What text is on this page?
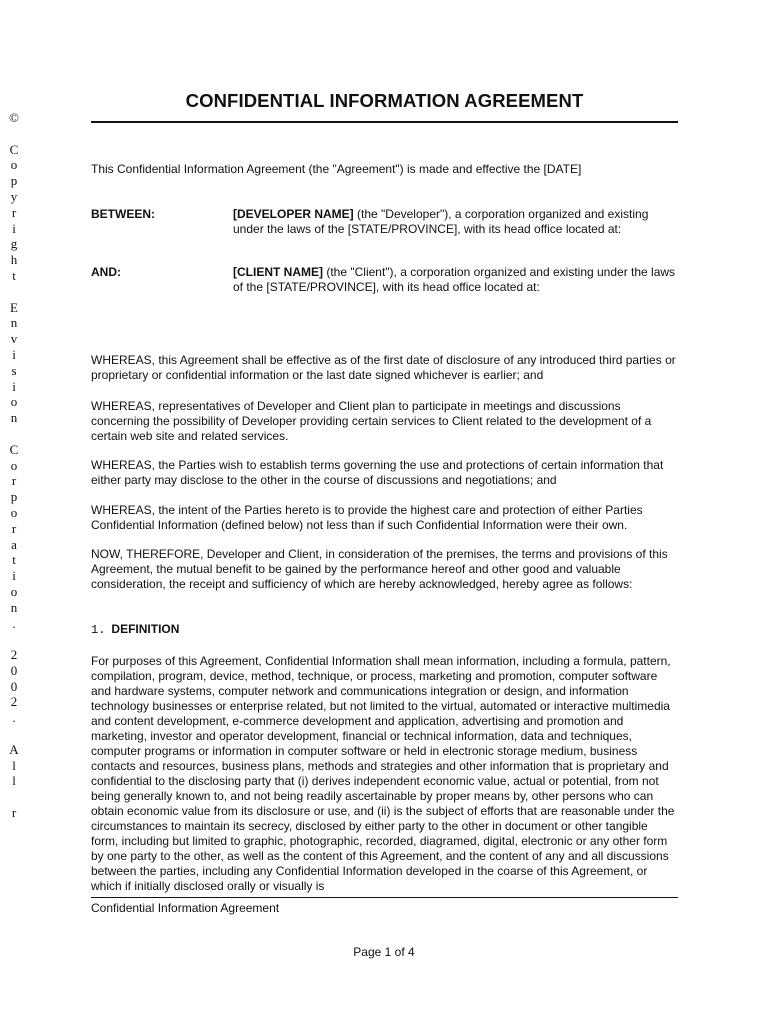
©
C
o
p
y
r
i
g
h
t
E
n
v
i
s
i
o
n
C
o
r
p
o
r
a
t
i
o
n
.
2
0
0
2
.
A
l
l
r
CONFIDENTIAL INFORMATION AGREEMENT

This Confidential Information Agreement (the "Agreement") is made and effective the [DATE]

BETWEEN:	[DEVELOPER NAME] (the "Developer"), a corporation organized and existing under the laws of the [STATE/PROVINCE], with its head office located at:
AND:	[CLIENT NAME] (the "Client"), a corporation organized and existing under the laws of the [STATE/PROVINCE], with its head office located at:

WHEREAS, this Agreement shall be effective as of the first date of disclosure of any introduced third parties or proprietary or confidential information or the last date signed whichever is earlier; and

WHEREAS, representatives of Developer and Client plan to participate in meetings and discussions concerning the possibility of Developer providing certain services to Client related to the development of a certain web site and related services.

WHEREAS, the Parties wish to establish terms governing the use and protections of certain information that either party may disclose to the other in the course of discussions and negotiations; and

WHEREAS, the intent of the Parties hereto is to provide the highest care and protection of either Parties Confidential Information (defined below) not less than if such Confidential Information were their own.

NOW, THEREFORE, Developer and Client, in consideration of the premises, the terms and provisions of this Agreement, the mutual benefit to be gained by the performance hereof and other good and valuable consideration, the receipt and sufficiency of which are hereby acknowledged, hereby agree as follows:

1. DEFINITION

For purposes of this Agreement, Confidential Information shall mean information, including a formula, pattern, compilation, program, device, method, technique, or process, marketing and promotion, computer software and hardware systems, computer network and communications integration or design, and information technology businesses or enterprise related, but not limited to the virtual, automated or interactive multimedia and content development, e-commerce development and application, advertising and promotion and marketing, investor and operator development, financial or technical information, data and techniques, computer programs or information in computer software or held in electronic storage medium, business contacts and resources, business plans, methods and strategies and other information that is proprietary and confidential to the disclosing party that (i) derives independent economic value, actual or potential, from not being generally known to, and not being readily ascertainable by proper means by, other persons who can obtain economic value from its disclosure or use, and (ii) is the subject of efforts that are reasonable under the circumstances to maintain its secrecy, disclosed by either party to the other in document or other tangible form, including but limited to graphic, photographic, recorded, diagramed, digital, electronic or any other form by one party to the other, as well as the content of this Agreement, and the content of any and all discussions between the parties, including any Confidential Information developed in the coarse of this Agreement, or which if initially disclosed orally or visually is

Confidential Information Agreement
Page 1 of 4
